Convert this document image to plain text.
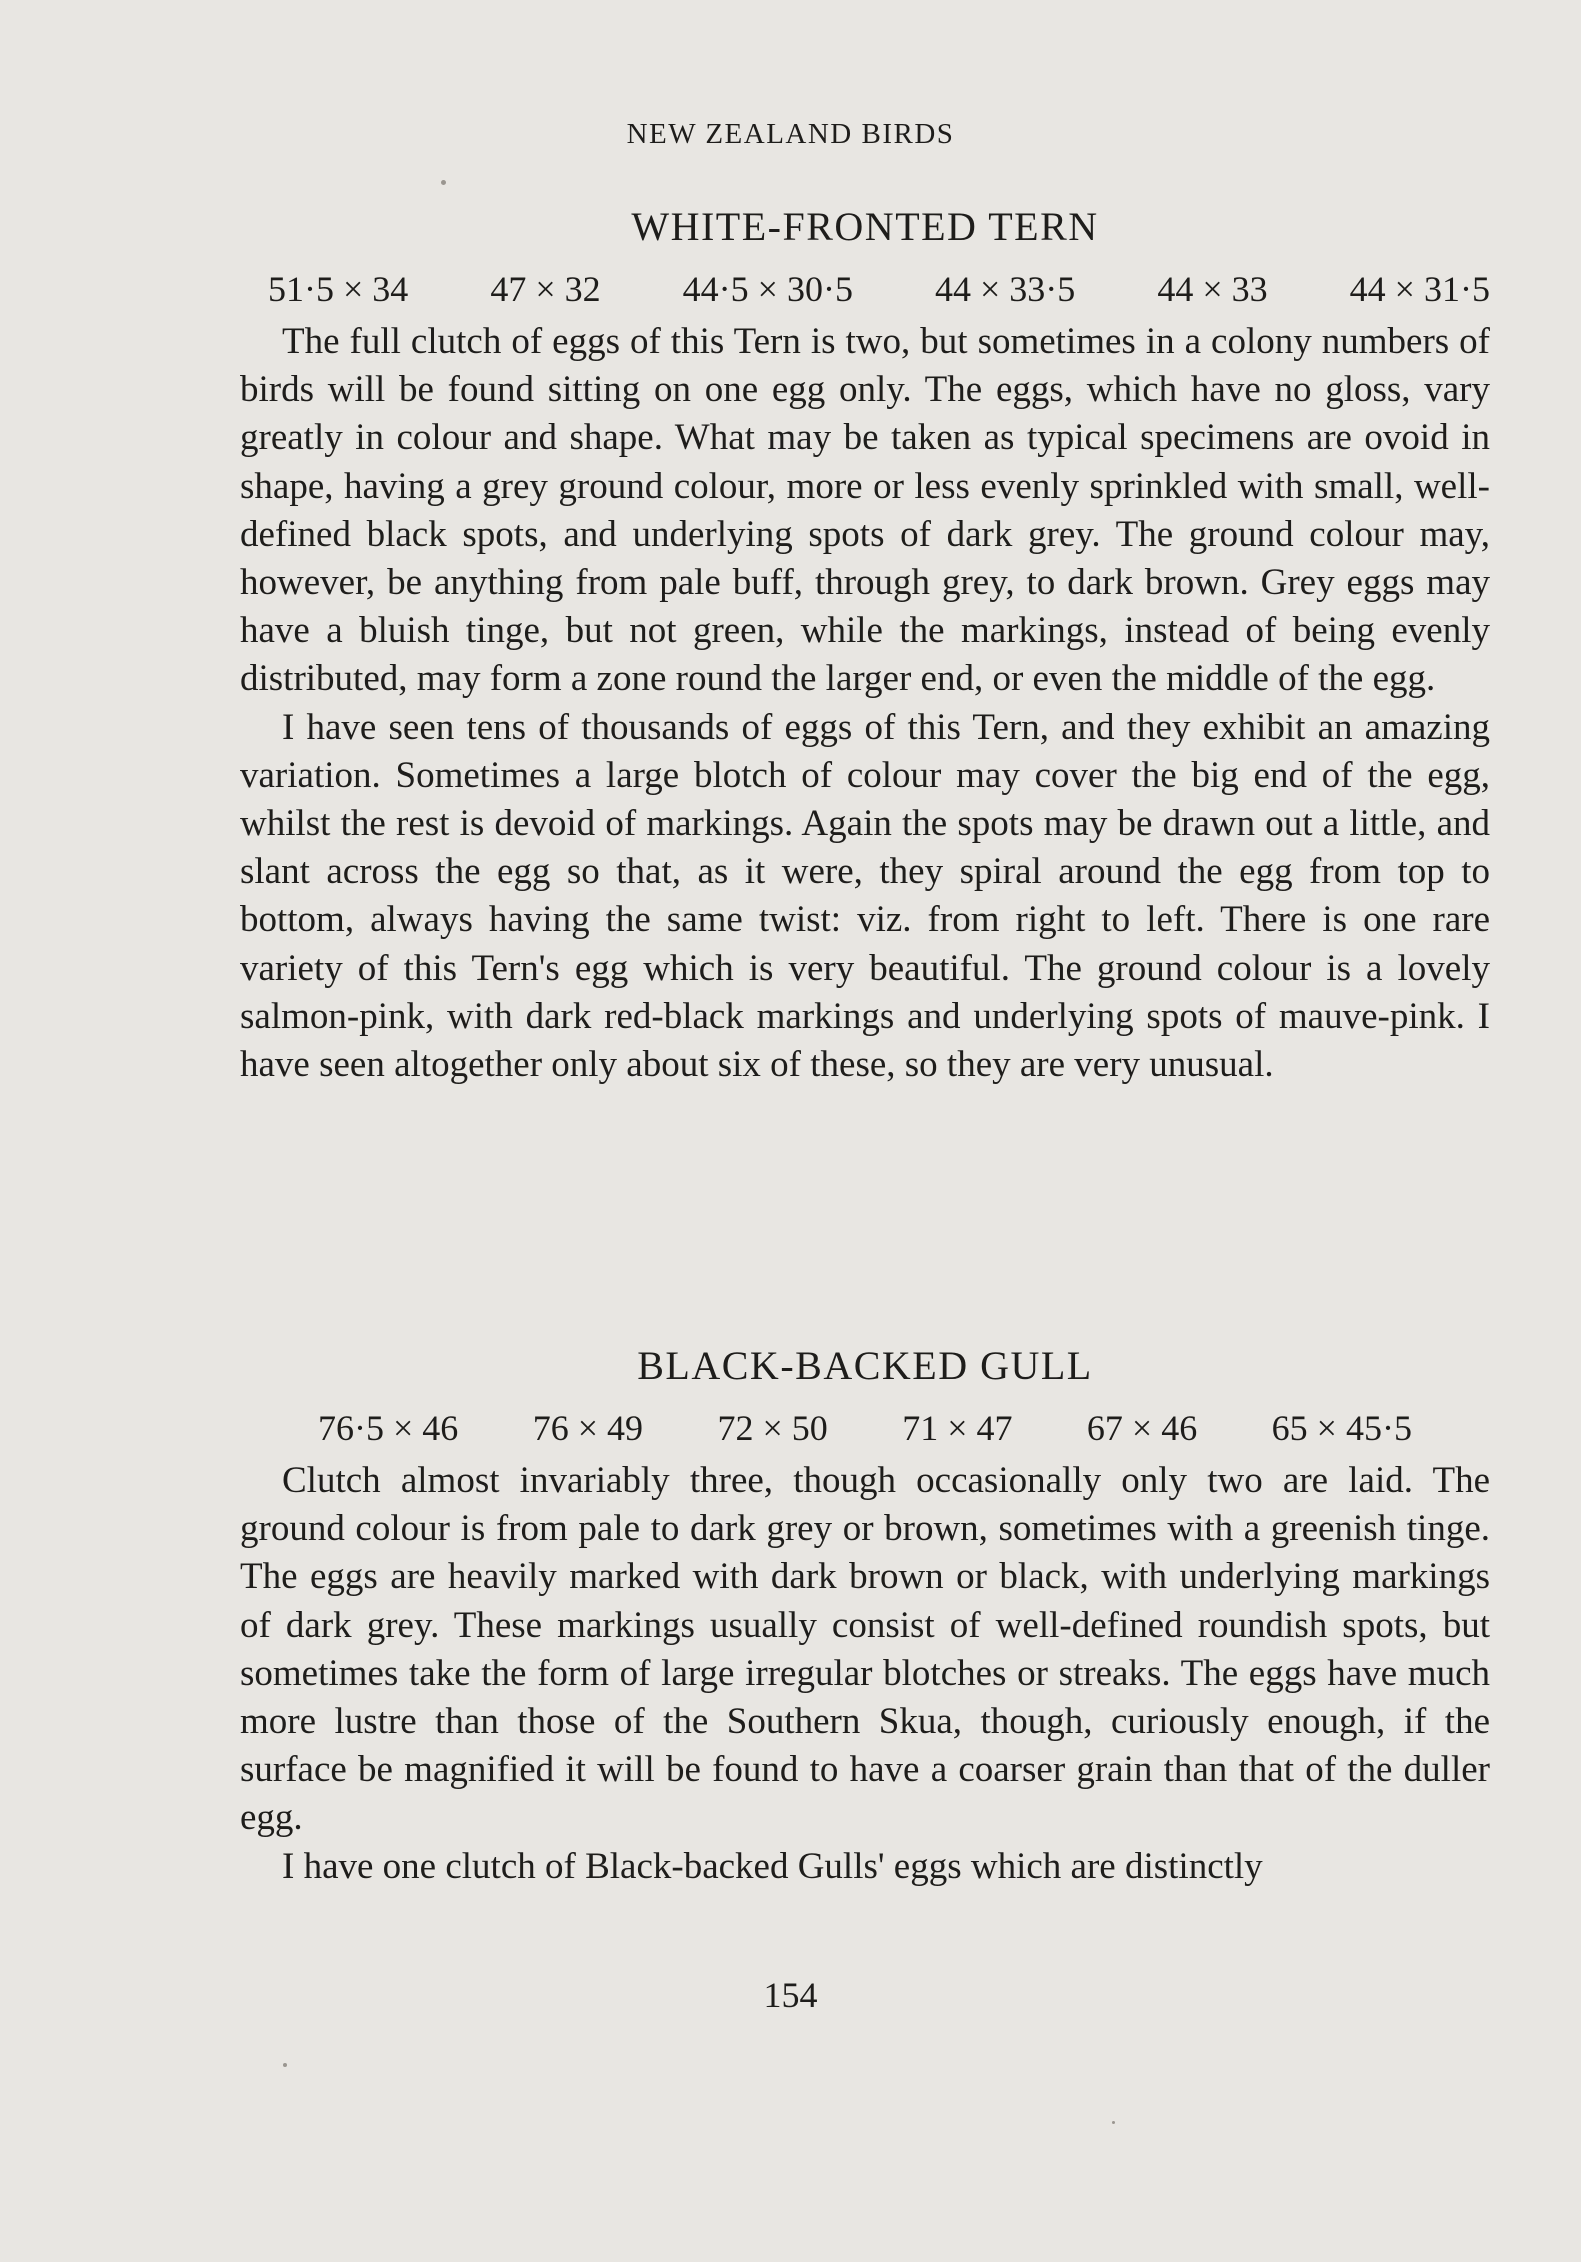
NEW ZEALAND BIRDS
WHITE-FRONTED TERN
51·5 × 34 47 × 32 44·5 × 30·5 44 × 33·5 44 × 33 44 × 31·5

The full clutch of eggs of this Tern is two, but sometimes in a colony numbers of birds will be found sitting on one egg only. The eggs, which have no gloss, vary greatly in colour and shape. What may be taken as typical specimens are ovoid in shape, having a grey ground colour, more or less evenly sprinkled with small, well-defined black spots, and underlying spots of dark grey. The ground colour may, however, be anything from pale buff, through grey, to dark brown. Grey eggs may have a bluish tinge, but not green, while the markings, instead of being evenly distributed, may form a zone round the larger end, or even the middle of the egg.

I have seen tens of thousands of eggs of this Tern, and they exhibit an amazing variation. Sometimes a large blotch of colour may cover the big end of the egg, whilst the rest is devoid of markings. Again the spots may be drawn out a little, and slant across the egg so that, as it were, they spiral around the egg from top to bottom, always having the same twist: viz. from right to left. There is one rare variety of this Tern's egg which is very beautiful. The ground colour is a lovely salmon-pink, with dark red-black markings and underlying spots of mauve-pink. I have seen altogether only about six of these, so they are very unusual.

BLACK-BACKED GULL
76·5 × 46 76 × 49 72 × 50 71 × 47 67 × 46 65 × 45·5

Clutch almost invariably three, though occasionally only two are laid. The ground colour is from pale to dark grey or brown, sometimes with a greenish tinge. The eggs are heavily marked with dark brown or black, with underlying markings of dark grey. These markings usually consist of well-defined roundish spots, but sometimes take the form of large irregular blotches or streaks. The eggs have much more lustre than those of the Southern Skua, though, curiously enough, if the surface be magnified it will be found to have a coarser grain than that of the duller egg.

I have one clutch of Black-backed Gulls' eggs which are distinctly

154
